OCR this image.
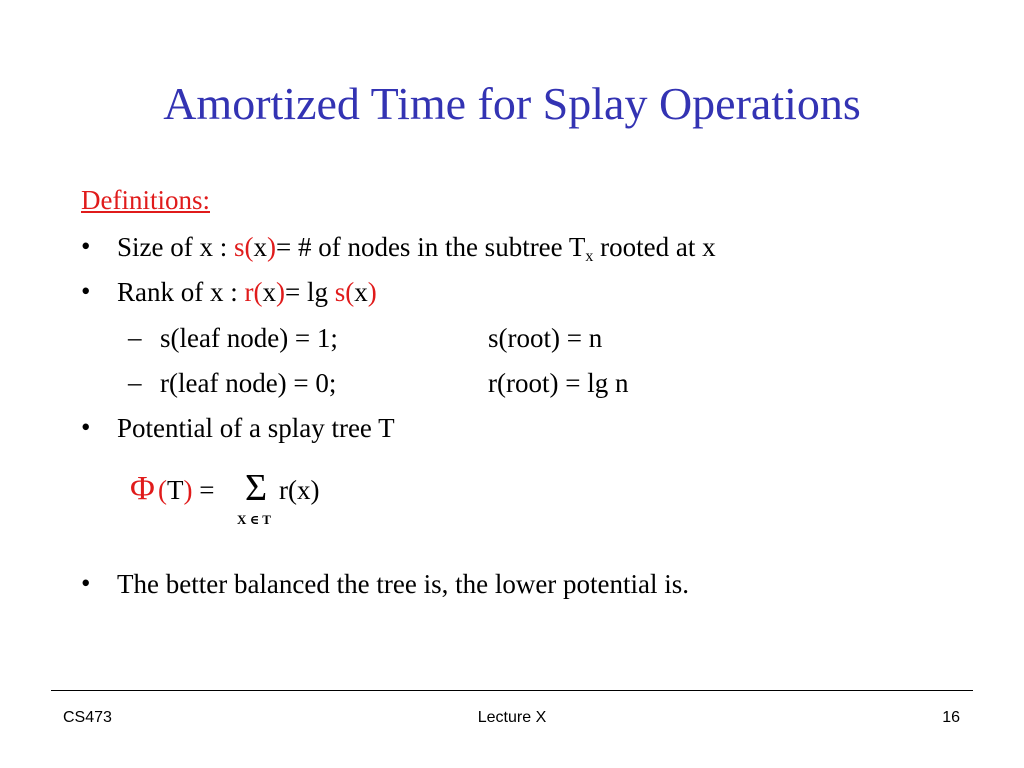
Amortized Time for Splay Operations
Definitions:
• Size of x : s(x)= # of nodes in the subtree $T_x$ rooted at x
• Rank of x : r(x)= lg s(x)
– s(leaf node) = 1;	s(root) = n
– r(leaf node) = 0;	r(root) = lg n
• Potential of a splay tree T
Φ (T) = Σ r(x)
X ∈ T
• The better balanced the tree is, the lower potential is.
CS473	Lecture X	16
